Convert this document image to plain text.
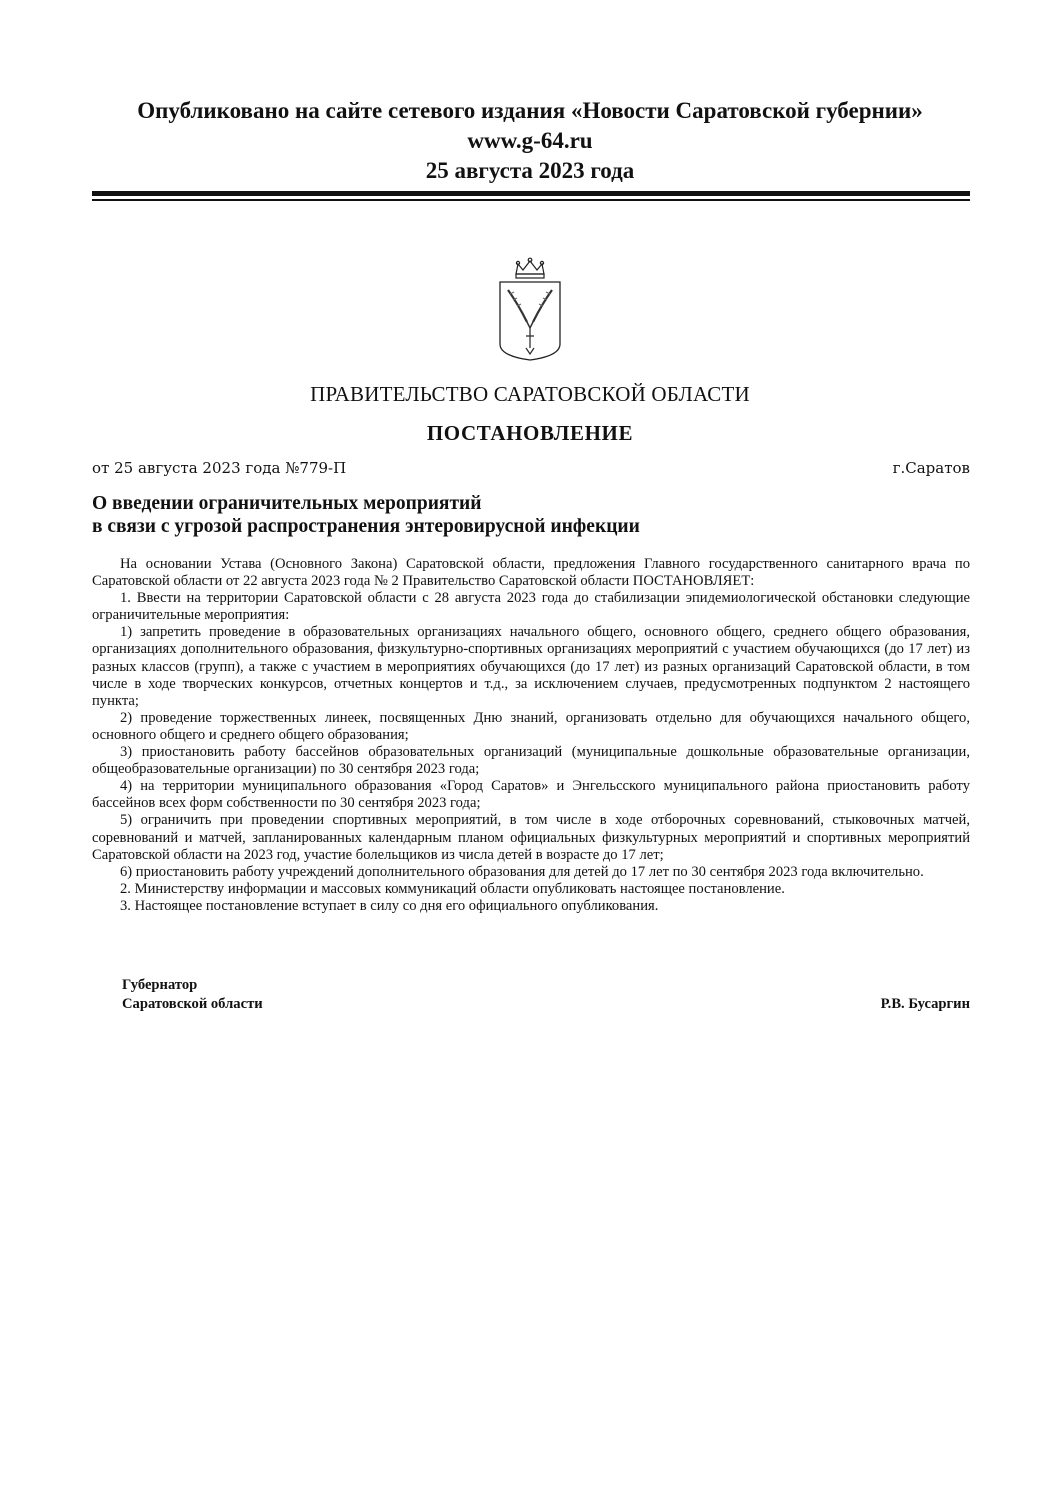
Опубликовано на сайте сетевого издания «Новости Саратовской губернии»
www.g-64.ru
25 августа 2023 года
ПРАВИТЕЛЬСТВО САРАТОВСКОЙ ОБЛАСТИ
ПОСТАНОВЛЕНИЕ
от 25 августа 2023 года №779-П	г.Саратов
О введении ограничительных мероприятий
в связи с угрозой распространения энтеровирусной инфекции

На основании Устава (Основного Закона) Саратовской области, предложения Главного государственного санитарного врача по Саратовской области от 22 августа 2023 года № 2 Правительство Саратовской области ПОСТАНОВЛЯЕТ:

1. Ввести на территории Саратовской области с 28 августа 2023 года до стабилизации эпидемиологической обстановки следующие ограничительные мероприятия:

1) запретить проведение в образовательных организациях начального общего, основного общего, среднего общего образования, организациях дополнительного образования, физкультурно-спортивных организациях мероприятий с участием обучающихся (до 17 лет) из разных классов (групп), а также с участием в мероприятиях обучающихся (до 17 лет) из разных организаций Саратовской области, в том числе в ходе творческих конкурсов, отчетных концертов и т.д., за исключением случаев, предусмотренных подпунктом 2 настоящего пункта;

2) проведение торжественных линеек, посвященных Дню знаний, организовать отдельно для обучающихся начального общего, основного общего и среднего общего образования;

3) приостановить работу бассейнов образовательных организаций (муниципальные дошкольные образовательные организации, общеобразовательные организации) по 30 сентября 2023 года;

4) на территории муниципального образования «Город Саратов» и Энгельсского муниципального района приостановить работу бассейнов всех форм собственности по 30 сентября 2023 года;

5) ограничить при проведении спортивных мероприятий, в том числе в ходе отборочных соревнований, стыковочных матчей, соревнований и матчей, запланированных календарным планом официальных физкультурных мероприятий и спортивных мероприятий Саратовской области на 2023 год, участие болельщиков из числа детей в возрасте до 17 лет;

6) приостановить работу учреждений дополнительного образования для детей до 17 лет по 30 сентября 2023 года включительно.

2. Министерству информации и массовых коммуникаций области опубликовать настоящее постановление.

3. Настоящее постановление вступает в силу со дня его официального опубликования.

Губернатор
Саратовской области	Р.В. Бусаргин
